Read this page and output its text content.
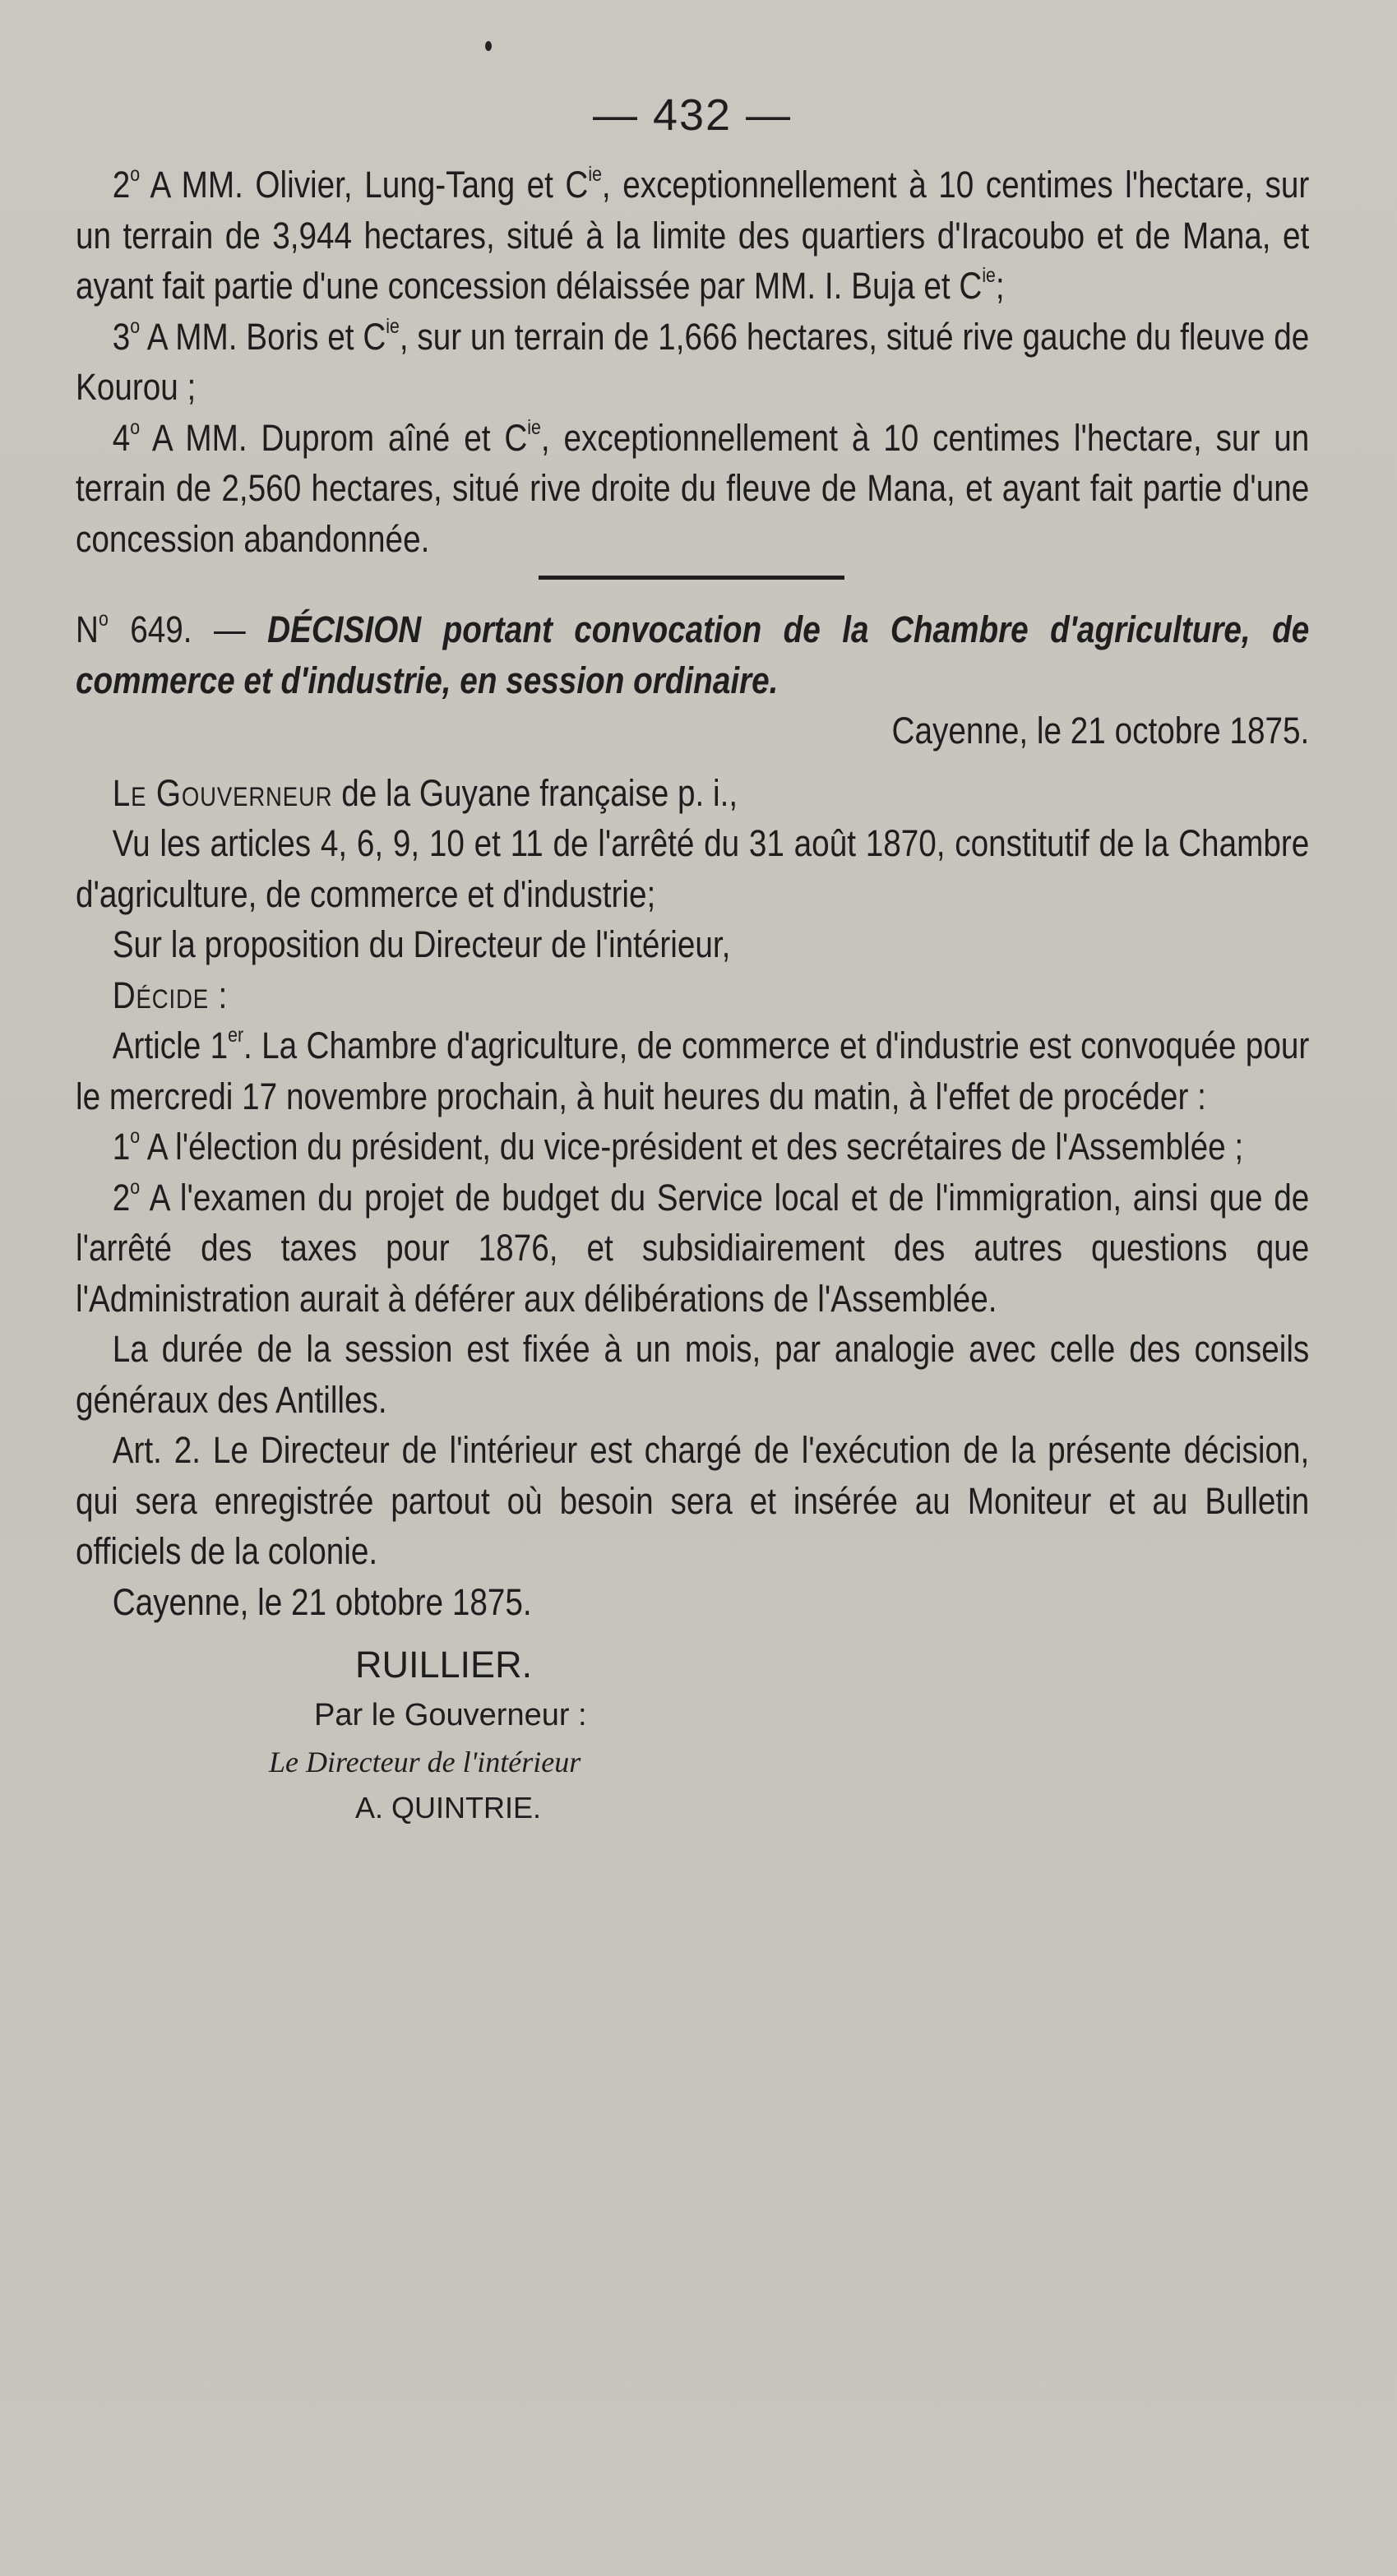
— 432 —

2$^o$ A MM. Olivier, Lung-Tang et $C^{ie}$, exceptionnellement à 10 centimes l'hectare, sur un terrain de 3,944 hectares, situé à la limite des quartiers d'Iracoubo et de Mana, et ayant fait partie d'une concession délaissée par MM. I. Buja et $C^{ie}$;

3$^o$ A MM. Boris et $C^{ie}$, sur un terrain de 1,666 hectares, situé rive gauche du fleuve de Kourou ;

4$^o$ A MM. Duprom aîné et $C^{ie}$, exceptionnellement à 10 centimes l'hectare, sur un terrain de 2,560 hectares, situé rive droite du fleuve de Mana, et ayant fait partie d'une concession abandonnée.

$N^o$ 649. — DÉCISION portant convocation de la Chambre d'agriculture, de commerce et d'industrie, en session ordinaire.

Cayenne, le 21 octobre 1875.

Le Gouverneur de la Guyane française p. i.,

Vu les articles 4, 6, 9, 10 et 11 de l'arrêté du 31 août 1870, constitutif de la Chambre d'agriculture, de commerce et d'industrie;

Sur la proposition du Directeur de l'intérieur,

Décide :

Article 1er. La Chambre d'agriculture, de commerce et d'industrie est convoquée pour le mercredi 17 novembre prochain, à huit heures du matin, à l'effet de procéder :

1$^o$ A l'élection du président, du vice-président et des secrétaires de l'Assemblée ;

2$^o$ A l'examen du projet de budget du Service local et de l'immigration, ainsi que de l'arrêté des taxes pour 1876, et subsidiairement des autres questions que l'Administration aurait à déférer aux délibérations de l'Assemblée.

La durée de la session est fixée à un mois, par analogie avec celle des conseils généraux des Antilles.

Art. 2. Le Directeur de l'intérieur est chargé de l'exécution de la présente décision, qui sera enregistrée partout où besoin sera et insérée au Moniteur et au Bulletin officiels de la colonie.

Cayenne, le 21 obtobre 1875.

RUILLIER.
Par le Gouverneur :
Le Directeur de l'intérieur
A. QUINTRIE.
